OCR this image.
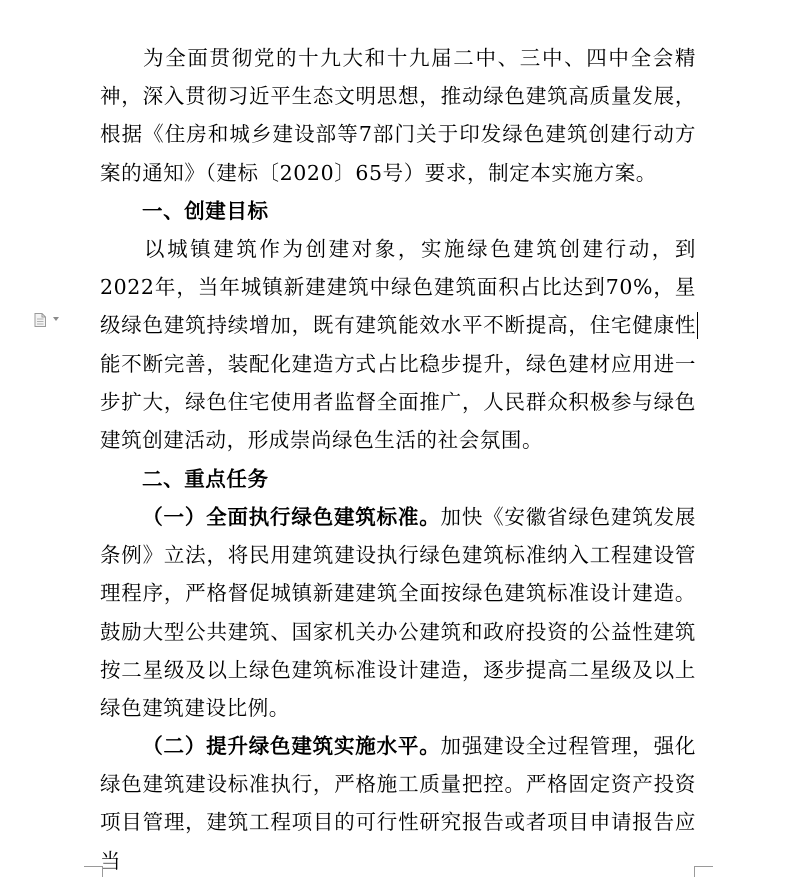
为全面贯彻党的十九大和十九届二中、三中、四中全会精神，深入贯彻习近平生态文明思想，推动绿色建筑高质量发展，根据《住房和城乡建设部等7部门关于印发绿色建筑创建行动方案的通知》（建标〔2020〕65号）要求，制定本实施方案。

一、创建目标

以城镇建筑作为创建对象，实施绿色建筑创建行动，到2022年，当年城镇新建建筑中绿色建筑面积占比达到70%，星级绿色建筑持续增加，既有建筑能效水平不断提高，住宅健康性能不断完善，装配化建造方式占比稳步提升，绿色建材应用进一步扩大，绿色住宅使用者监督全面推广，人民群众积极参与绿色建筑创建活动，形成崇尚绿色生活的社会氛围。

二、重点任务

（一）全面执行绿色建筑标准。加快《安徽省绿色建筑发展条例》立法，将民用建筑建设执行绿色建筑标准纳入工程建设管理程序，严格督促城镇新建建筑全面按绿色建筑标准设计建造。鼓励大型公共建筑、国家机关办公建筑和政府投资的公益性建筑按二星级及以上绿色建筑标准设计建造，逐步提高二星级及以上绿色建筑建设比例。

（二）提升绿色建筑实施水平。加强建设全过程管理，强化绿色建筑建设标准执行，严格施工质量把控。严格固定资产投资项目管理，建筑工程项目的可行性研究报告或者项目申请报告应当
